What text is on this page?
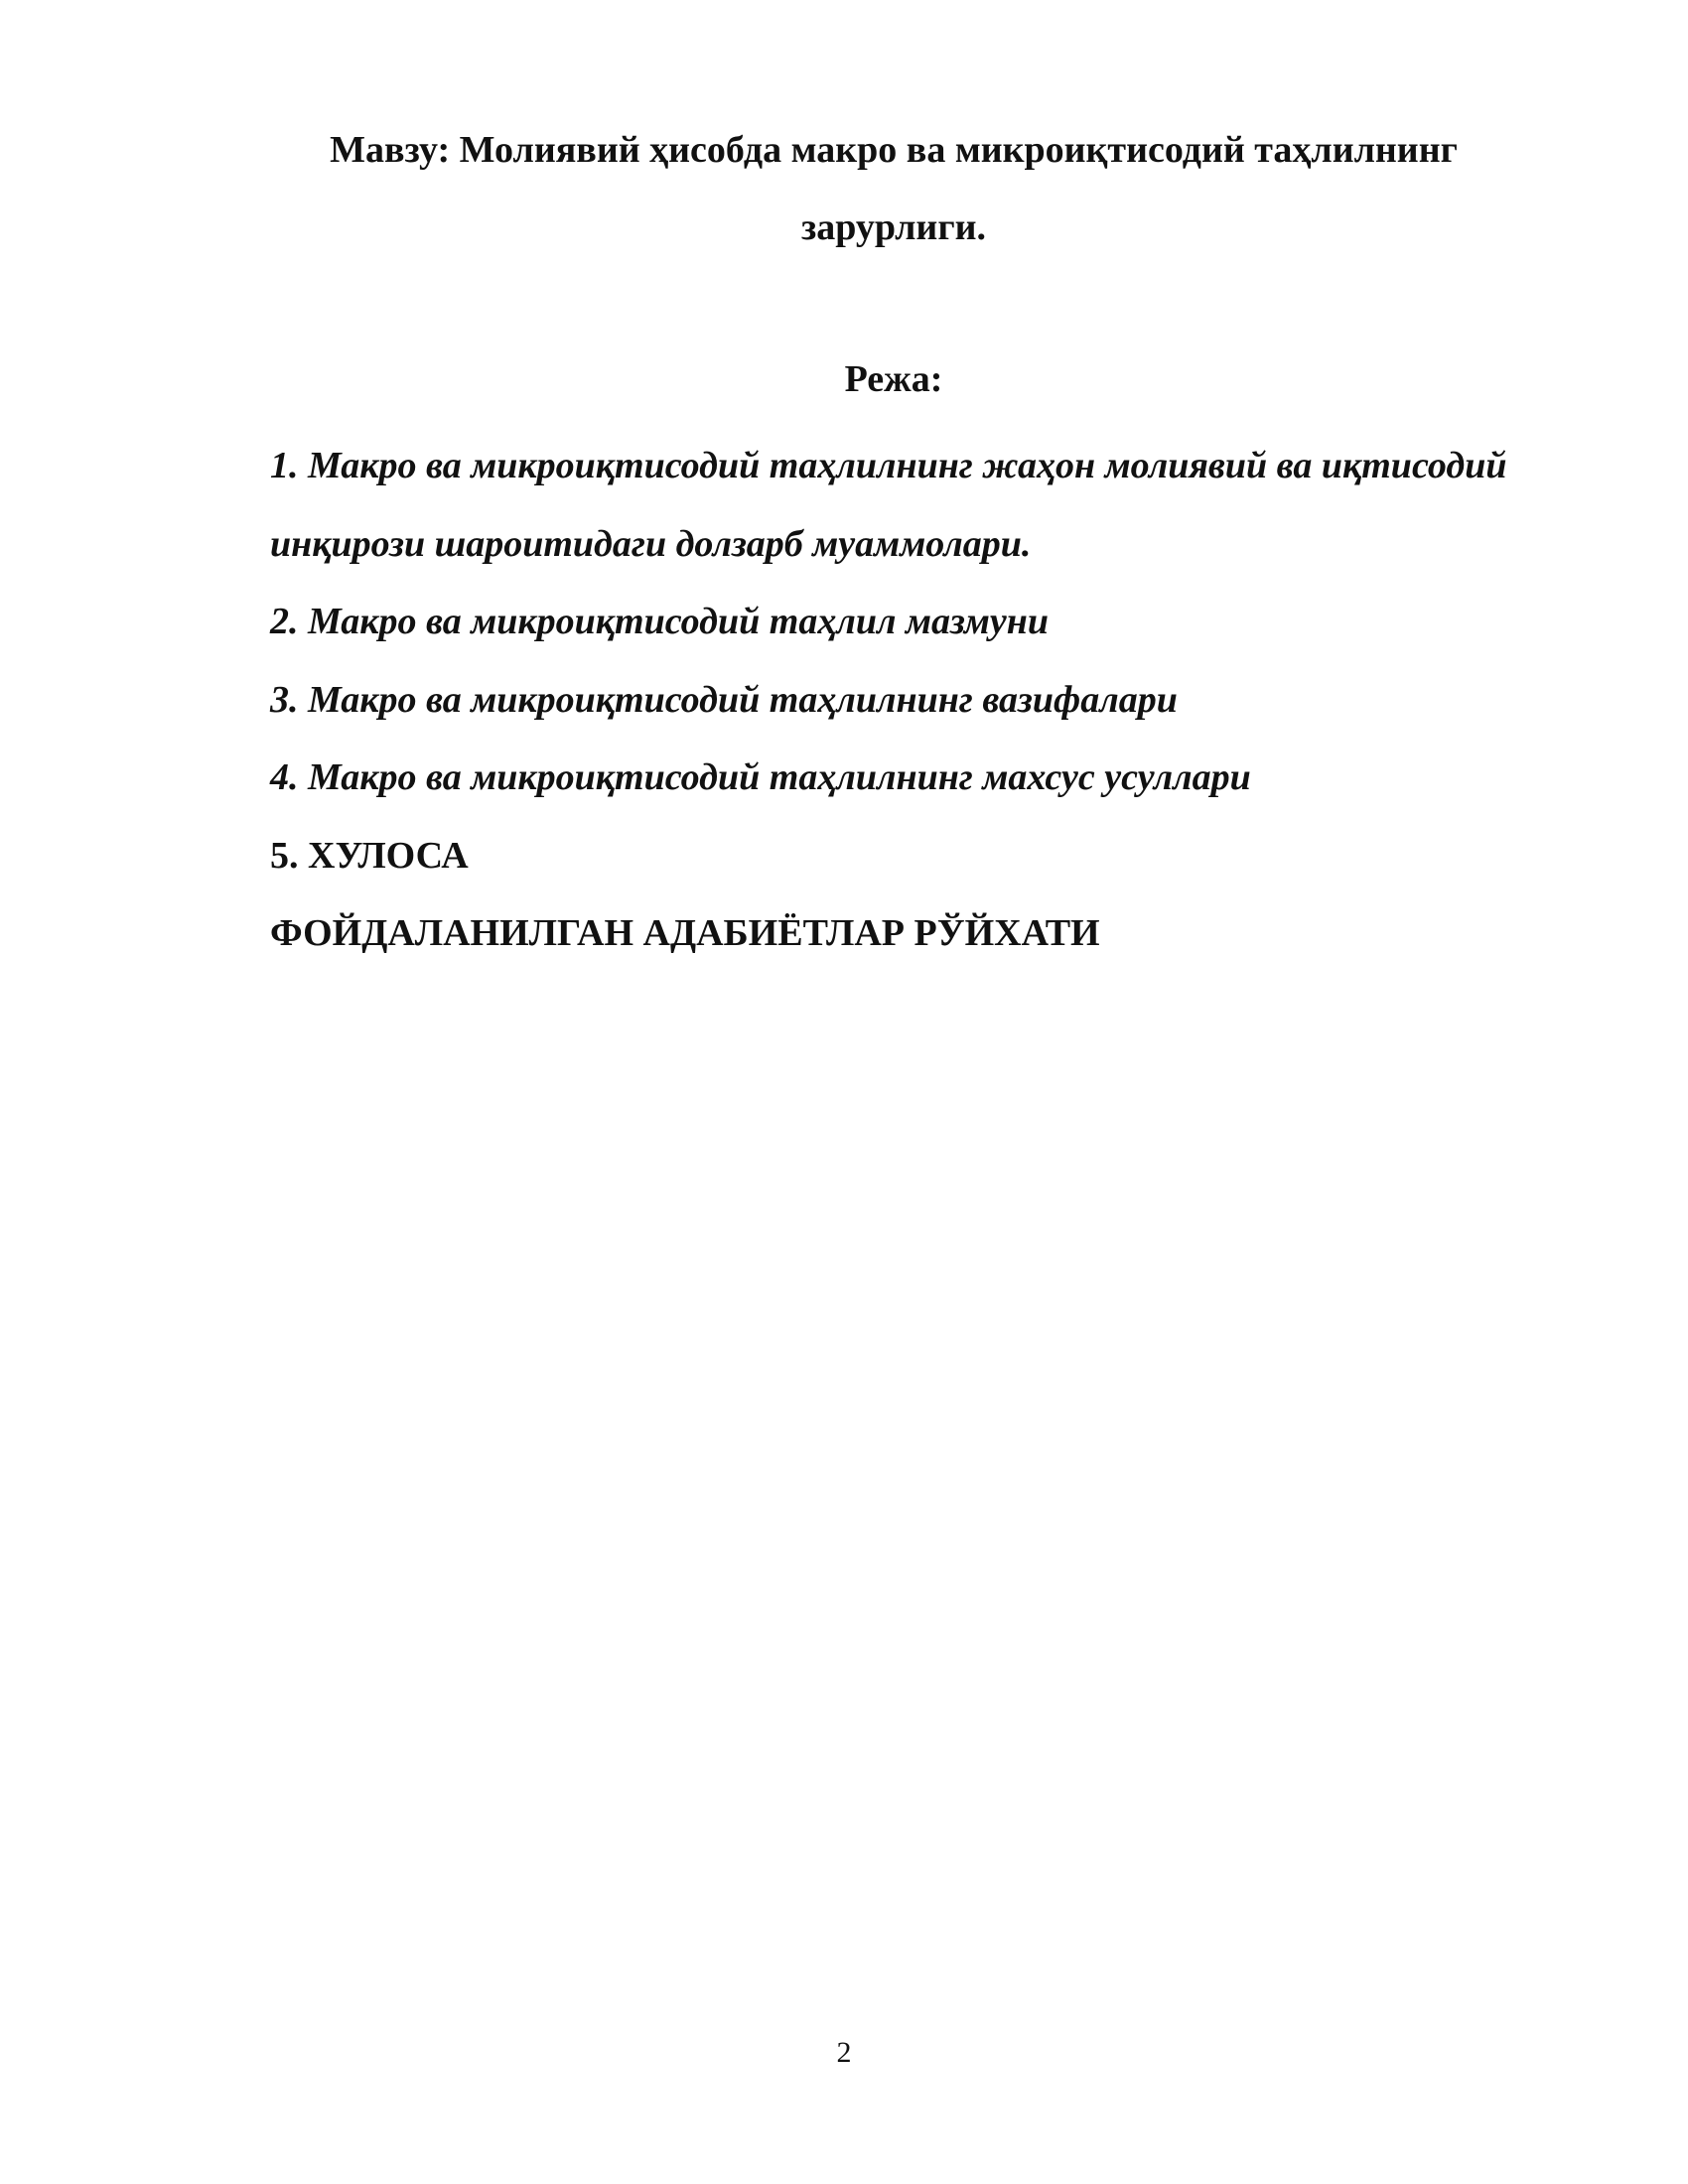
Мавзу: Молиявий ҳисобда макро ва микроиқтисодий таҳлилнинг
зарурлиги.
Режа:
1. Макро ва микроиқтисодий таҳлилнинг жаҳон молиявий ва иқтисодий
инқирози шароитидаги долзарб муаммолари.
2. Макро ва микроиқтисодий таҳлил мазмуни
3. Макро ва микроиқтисодий таҳлилнинг вазифалари
4. Макро ва микроиқтисодий таҳлилнинг махсус усуллари
5. ХУЛОСА
ФОЙДАЛАНИЛГАН АДАБИЁТЛАР РЎЙХАТИ
2
